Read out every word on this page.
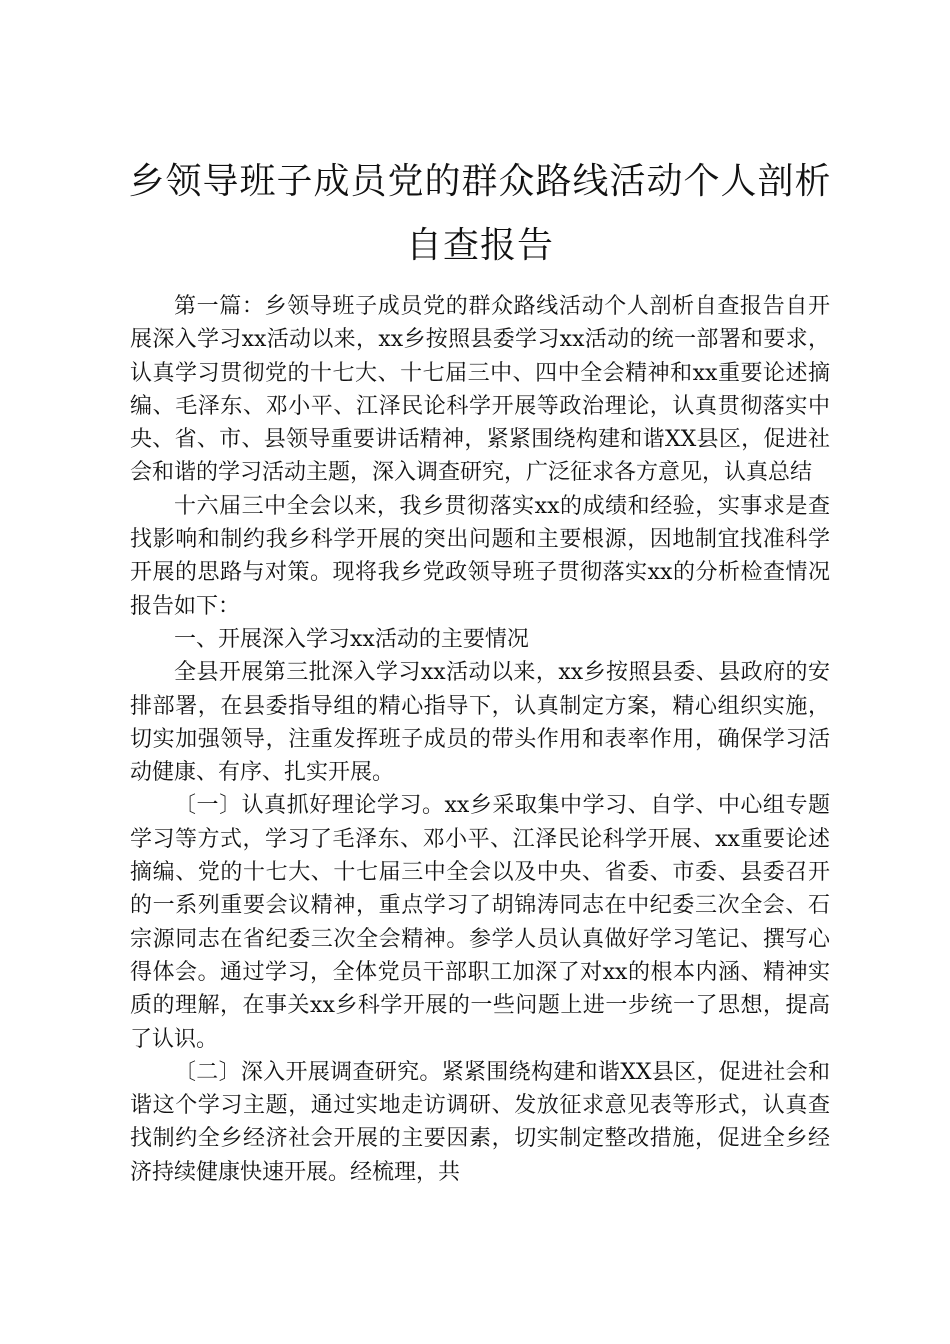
乡领导班子成员党的群众路线活动个人剖析自查报告

第一篇：乡领导班子成员党的群众路线活动个人剖析自查报告自开展深入学习xx活动以来，xx乡按照县委学习xx活动的统一部署和要求，认真学习贯彻党的十七大、十七届三中、四中全会精神和xx重要论述摘编、毛泽东、邓小平、江泽民论科学开展等政治理论，认真贯彻落实中央、省、市、县领导重要讲话精神，紧紧围绕构建和谐XX县区，促进社会和谐的学习活动主题，深入调查研究，广泛征求各方意见，认真总结

十六届三中全会以来，我乡贯彻落实xx的成绩和经验，实事求是查找影响和制约我乡科学开展的突出问题和主要根源，因地制宜找准科学开展的思路与对策。现将我乡党政领导班子贯彻落实xx的分析检查情况报告如下：

一、开展深入学习xx活动的主要情况

全县开展第三批深入学习xx活动以来，xx乡按照县委、县政府的安排部署，在县委指导组的精心指导下，认真制定方案，精心组织实施，切实加强领导，注重发挥班子成员的带头作用和表率作用，确保学习活动健康、有序、扎实开展。

〔一〕认真抓好理论学习。xx乡采取集中学习、自学、中心组专题学习等方式，学习了毛泽东、邓小平、江泽民论科学开展、xx重要论述摘编、党的十七大、十七届三中全会以及中央、省委、市委、县委召开的一系列重要会议精神，重点学习了胡锦涛同志在中纪委三次全会、石宗源同志在省纪委三次全会精神。参学人员认真做好学习笔记、撰写心得体会。通过学习，全体党员干部职工加深了对xx的根本内涵、精神实质的理解，在事关xx乡科学开展的一些问题上进一步统一了思想，提高了认识。

〔二〕深入开展调查研究。紧紧围绕构建和谐XX县区，促进社会和谐这个学习主题，通过实地走访调研、发放征求意见表等形式，认真查找制约全乡经济社会开展的主要因素，切实制定整改措施，促进全乡经济持续健康快速开展。经梳理，共
